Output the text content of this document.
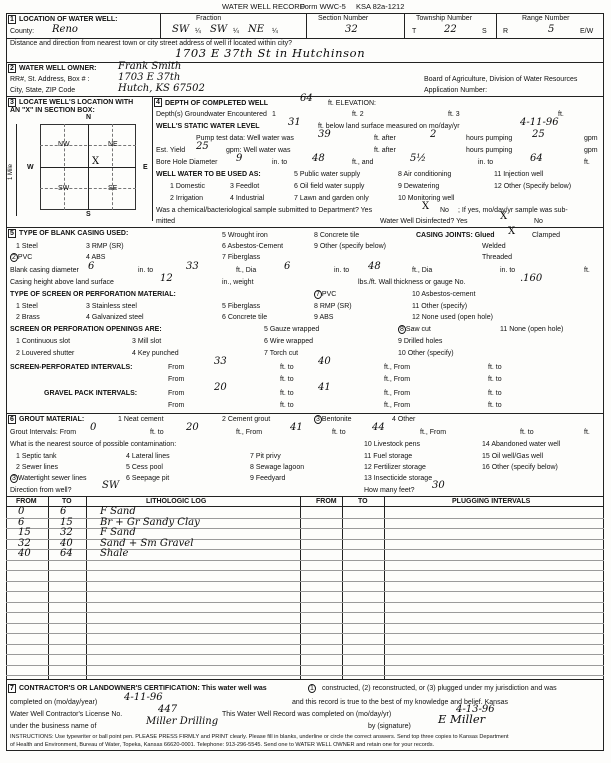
WATER WELL RECORD
Form WWC-5 KSA 82a-1212
1 LOCATION OF WATER WELL:
County: Reno
Fraction
SW ¼ SW ¼ NE ¼
Section Number
32
Township Number
T	22	S
Range Number
R	5	E/W
Distance and direction from nearest town or city street address of well if located within city?
1703 E 37th St in Hutchinson
2 WATER WELL OWNER: Frank Smith
RR#, St. Address, Box # :	1703 E 37th
City, State, ZIP Code	Hutch, KS 67502
Board of Agriculture, Division of Water Resources
Application Number:
3 LOCATE WELL'S LOCATION WITH
AN "X" IN SECTION BOX:
N
S
W	E
1 Mile
NW	NE
SW	SE
X
4 DEPTH OF COMPLETED WELL	64 ft. ELEVATION:
Depth(s) Groundwater Encountered 1	ft. 2	ft. 3	ft.
WELL'S STATIC WATER LEVEL	31 ft. below land surface measured on mo/day/yr	4-11-96
Pump test data: Well water was 39	ft. after	2	hours pumping 25	gpm
Est. Yield 25 gpm: Well water was	ft. after	hours pumping	gpm
Bore Hole Diameter 9	in. to 48	ft., and	5½	in. to	64	ft.
WELL WATER TO BE USED AS:
1 Domestic	3 Feedlot
5 Public water supply	8 Air conditioning	11 Injection well
6 Oil field water supply	9 Dewatering	12 Other (Specify below)
2 Irrigation	4 Industrial	7 Lawn and garden only	10 Monitoring well
Was a chemical/bacteriological sample submitted to Department? Yes	X No ; If yes, mo/day/yr sample was sub-
mitted	Water Well Disinfected? Yes	X	No
5 TYPE OF BLANK CASING USED:
1 Steel
2 PVC
3 RMP (SR)
4 ABS
5 Wrought iron
6 Asbestos-Cement
7 Fiberglass
8 Concrete tile
9 Other (specify below)
CASING JOINTS: Glued X Clamped
Welded
Threaded
Blank casing diameter 6	in. to	33	ft., Dia	6	in. to 48	ft., Dia	in. to	ft.
Casing height above land surface	12	in., weight	lbs./ft. Wall thickness or gauge No.	.160
TYPE OF SCREEN OR PERFORATION MATERIAL:
1 Steel
2 Brass
3 Stainless steel
4 Galvanized steel
5 Fiberglass
6 Concrete tile
7 PVC
8 RMP (SR)
9 ABS
10 Asbestos-cement
11 Other (specify)
12 None used (open hole)
SCREEN OR PERFORATION OPENINGS ARE:
1 Continuous slot
2 Louvered shutter
3 Mill slot
4 Key punched
5 Gauze wrapped
6 Wire wrapped
7 Torch cut
8 Saw cut
9 Drilled holes
10 Other (specify)
11 None (open hole)
SCREEN-PERFORATED INTERVALS:	From
33
ft. to
40
ft., From	ft. to
From	ft. to	ft., From	ft. to
GRAVEL PACK INTERVALS:	From
20
ft. to
41
ft., From	ft. to
From	ft. to	ft., From	ft. to
6 GROUT MATERIAL:	1 Neat cement	2 Cement grout	3 Bentonite	4 Other
Grout Intervals: From 0	ft. to 20	ft., From	41	ft. to	44	ft., From	ft. to	ft.
What is the nearest source of possible contamination:
1 Septic tank
2 Sewer lines
3 Watertight sewer lines
4 Lateral lines
5 Cess pool
6 Seepage pit
7 Pit privy
8 Sewage lagoon
9 Feedyard
10 Livestock pens
11 Fuel storage
12 Fertilizer storage
13 Insecticide storage
14 Abandoned water well
15 Oil well/Gas well
16 Other (specify below)
Direction from well?	SW	How many feet? 30
FROM	TO	LITHOLOGIC LOG	FROM	TO	PLUGGING INTERVALS
0	6	F Sand
6	15	Br + Gr Sandy Clay
15	32	F Sand
32	40	Sand + Sm Gravel
40	64	Shale
7 CONTRACTOR'S OR LANDOWNER'S CERTIFICATION: This water well was	1 constructed, (2) reconstructed, or (3) plugged under my jurisdiction and was
completed on (mo/day/year)	4-11-96	and this record is true to the best of my knowledge and belief. Kansas
Water Well Contractor's License No.	447	This Water Well Record was completed on (mo/day/yr)	4-13-96
under the business name of	Miller Drilling	by (signature)
E Miller
INSTRUCTIONS: Use typewriter or ball point pen. PLEASE PRESS FIRMLY and PRINT clearly. Please fill in blanks, underline or circle the correct answers. Send top three copies to Kansas Department
of Health and Environment, Bureau of Water, Topeka, Kansas 66620-0001. Telephone: 913-296-5545. Send one to WATER WELL OWNER and retain one for your records.
